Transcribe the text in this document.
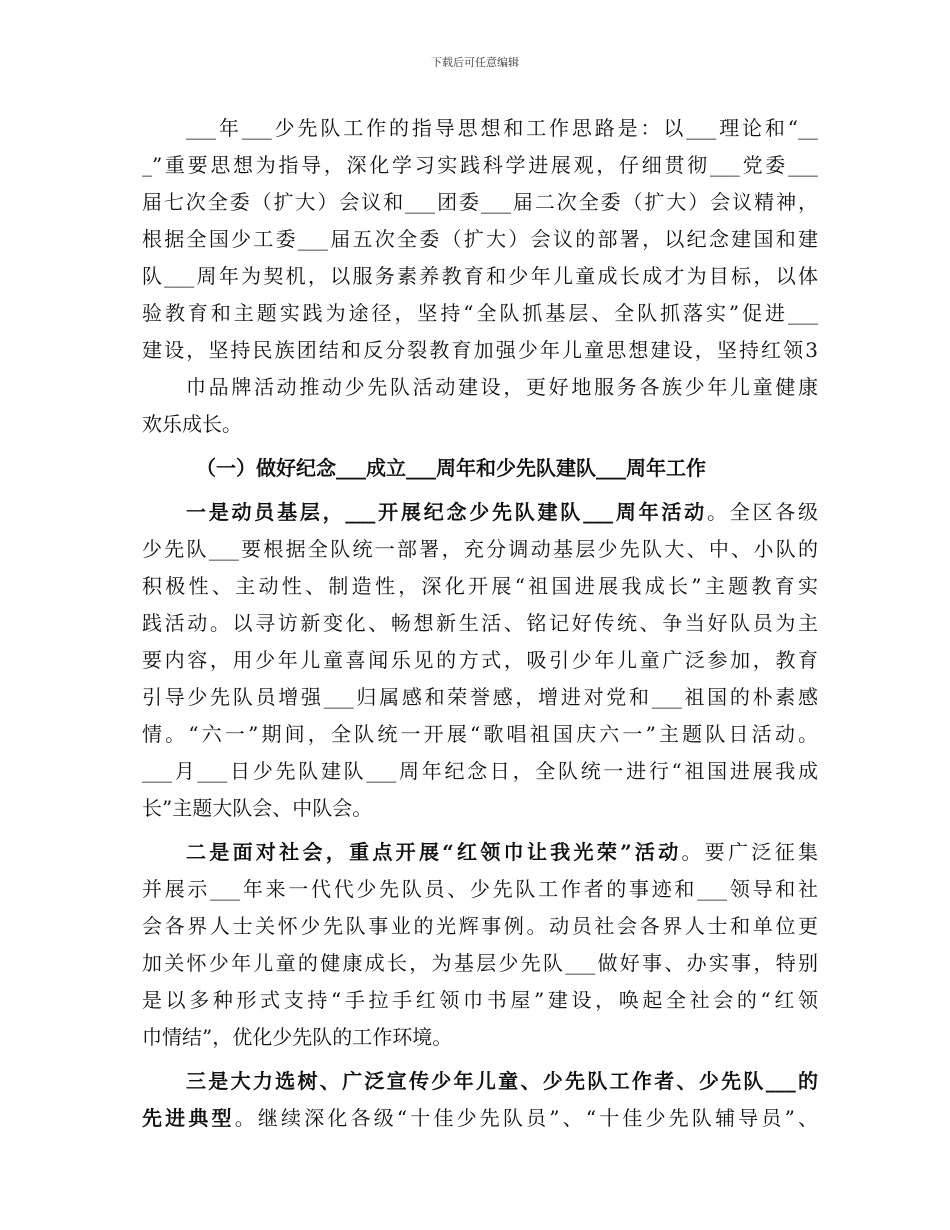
下载后可任意编辑
___年___少先队工作的指导思想和工作思路是：以___理论和“__
_”重要思想为指导，深化学习实践科学进展观，仔细贯彻___党委___
届七次全委（扩大）会议和___团委___届二次全委（扩大）会议精神，
根据全国少工委___届五次全委（扩大）会议的部署，以纪念建国和建
队___周年为契机，以服务素养教育和少年儿童成长成才为目标，以体
验教育和主题实践为途径，坚持“全队抓基层、全队抓落实”促进___
建设，坚持民族团结和反分裂教育加强少年儿童思想建设，坚持红领3
巾品牌活动推动少先队活动建设，更好地服务各族少年儿童健康
欢乐成长。
（一）做好纪念___成立___周年和少先队建队___周年工作
一是动员基层，___开展纪念少先队建队___周年活动。全区各级
少先队___要根据全队统一部署，充分调动基层少先队大、中、小队的
积极性、主动性、制造性，深化开展“祖国进展我成长”主题教育实
践活动。以寻访新变化、畅想新生活、铭记好传统、争当好队员为主
要内容，用少年儿童喜闻乐见的方式，吸引少年儿童广泛参加，教育
引导少先队员增强___归属感和荣誉感，增进对党和___祖国的朴素感
情。“六一”期间，全队统一开展“歌唱祖国庆六一”主题队日活动。
___月___日少先队建队___周年纪念日，全队统一进行“祖国进展我成
长”主题大队会、中队会。
二是面对社会，重点开展“红领巾让我光荣”活动。要广泛征集
并展示___年来一代代少先队员、少先队工作者的事迹和___领导和社
会各界人士关怀少先队事业的光辉事例。动员社会各界人士和单位更
加关怀少年儿童的健康成长，为基层少先队___做好事、办实事，特别
是以多种形式支持“手拉手红领巾书屋”建设，唤起全社会的“红领
巾情结”，优化少先队的工作环境。
三是大力选树、广泛宣传少年儿童、少先队工作者、少先队___的
先进典型。继续深化各级“十佳少先队员”、“十佳少先队辅导员”、
